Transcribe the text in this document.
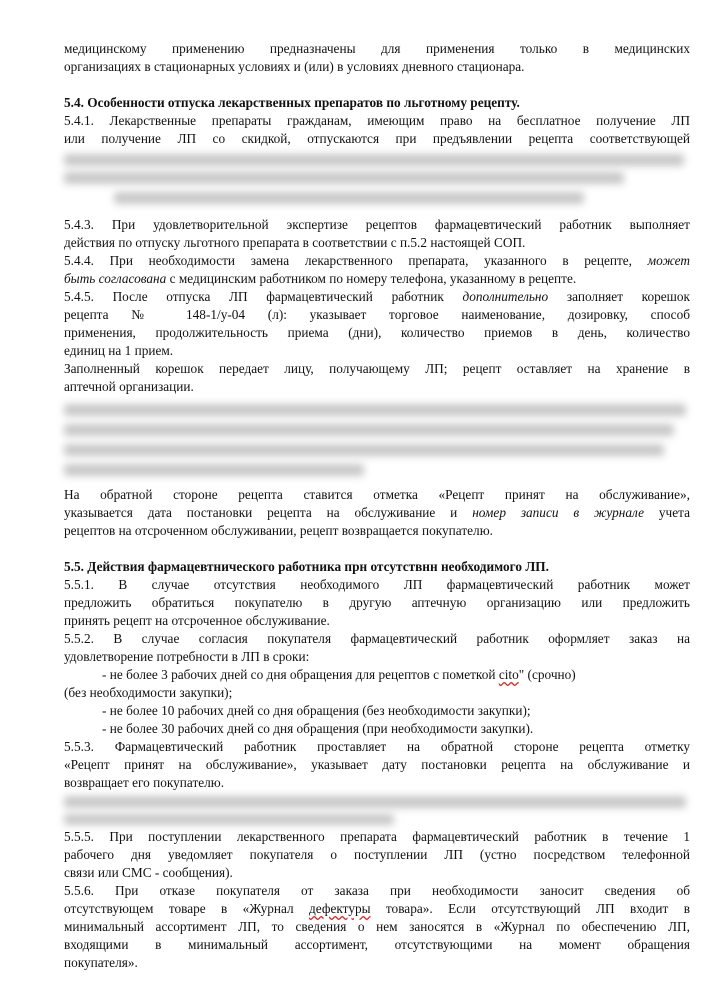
медицинскому применению предназначены для применения только в медицинских
организациях в стационарных условиях и (или) в условиях дневного стационара.
5.4. Особенности отпуска лекарственных препаратов по льготному рецепту.
5.4.1. Лекарственные препараты гражданам, имеющим право на бесплатное получение ЛП
или получение ЛП со скидкой, отпускаются при предъявлении рецепта соответствующей
5.4.3. При удовлетворительной экспертизе рецептов фармацевтический работник выполняет
действия по отпуску льготного препарата в соответствии с п.5.2 настоящей СОП.
5.4.4. При необходимости замена лекарственного препарата, указанного в рецепте, может
быть согласована с медицинским работником по номеру телефона, указанному в рецепте.
5.4.5. После отпуска ЛП фармацевтический работник дополнительно заполняет корешок
рецепта № 148-1/у-04 (л): указывает торговое наименование, дозировку, способ
применения, продолжительность приема (дни), количество приемов в день, количество
единиц на 1 прием.
Заполненный корешок передает лицу, получающему ЛП; рецепт оставляет на хранение в
аптечной организации.
На обратной стороне рецепта ставится отметка «Рецепт принят на обслуживание»,
указывается дата постановки рецепта на обслуживание и номер записи в журнале учета
рецептов на отсроченном обслуживании, рецепт возвращается покупателю.
5.5. Действия фармацевтнического работника прн отсутствнн необходимого ЛП.
5.5.1. В случае отсутствия необходимого ЛП фармацевтический работник может
предложить обратиться покупателю в другую аптечную организацию или предложить
принять рецепт на отсроченное обслуживание.
5.5.2. В случае согласия покупателя фармацевтический работник оформляет заказ на
удовлетворение потребности в ЛП в сроки:
- не более 3 рабочих дней со дня обращения для рецептов с пометкой cito" (срочно)
(без необходимости закупки);
- не более 10 рабочих дней со дня обращения (без необходимости закупки);
- не более 30 рабочих дней со дня обращения (при необходимости закупки).
5.5.3. Фармацевтический работник проставляет на обратной стороне рецепта отметку
«Рецепт принят на обслуживание», указывает дату постановки рецепта на обслуживание и
возвращает его покупателю.
5.5.5. При поступлении лекарственного препарата фармацевтический работник в течение 1
рабочего дня уведомляет покупателя о поступлении ЛП (устно посредством телефонной
связи или СМС - сообщения).
5.5.6. При отказе покупателя от заказа при необходимости заносит сведения об
отсутствующем товаре в «Журнал дефектуры товара». Если отсутствующий ЛП входит в
минимальный ассортимент ЛП, то сведения о нем заносятся в «Журнал по обеспечению ЛП,
входящими в минимальный ассортимент, отсутствующими на момент обращения
покупателя».
